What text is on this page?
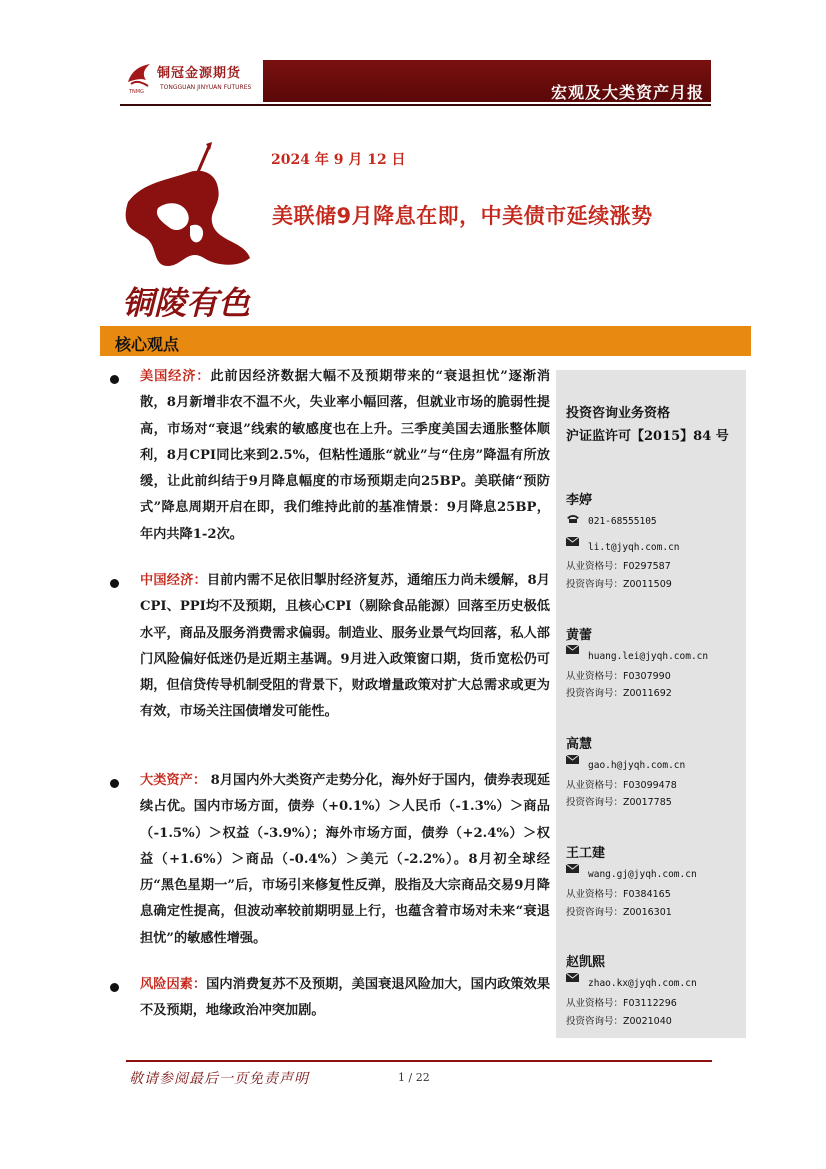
宏观及大类资产月报
铜冠金源期货
TONGGUAN JINYUAN FUTURES
TNMG
铜陵有色
2024 年 9 月 12 日
美联储9月降息在即，中美债市延续涨势
核心观点
美国经济：此前因经济数据大幅不及预期带来的“衰退担忧”逐渐消散，8月新增非农不温不火，失业率小幅回落，但就业市场的脆弱性提高，市场对“衰退”线索的敏感度也在上升。三季度美国去通胀整体顺利，8月CPI同比来到2.5%，但粘性通胀“就业”与“住房”降温有所放缓，让此前纠结于9月降息幅度的市场预期走向25BP。美联储“预防式”降息周期开启在即，我们维持此前的基准情景：9月降息25BP，年内共降1-2次。
中国经济：目前内需不足依旧掣肘经济复苏，通缩压力尚未缓解，8月CPI、PPI均不及预期，且核心CPI（剔除食品能源）回落至历史极低水平，商品及服务消费需求偏弱。制造业、服务业景气均回落，私人部门风险偏好低迷仍是近期主基调。9月进入政策窗口期，货币宽松仍可期，但信贷传导机制受阻的背景下，财政增量政策对扩大总需求或更为有效，市场关注国债增发可能性。
大类资产： 8月国内外大类资产走势分化，海外好于国内，债券表现延续占优。国内市场方面，债券（+0.1%）＞人民币（-1.3%）＞商品（-1.5%）＞权益（-3.9%）；海外市场方面，债券（+2.4%）＞权益（+1.6%）＞商品（-0.4%）＞美元（-2.2%）。8月初全球经历“黑色星期一”后，市场引来修复性反弹，股指及大宗商品交易9月降息确定性提高，但波动率较前期明显上行，也蕴含着市场对未来“衰退担忧”的敏感性增强。
风险因素：国内消费复苏不及预期，美国衰退风险加大，国内政策效果不及预期，地缘政治冲突加剧。
投资咨询业务资格
沪证监许可【2015】84 号
李婷
021-68555105
li.t@jyqh.com.cn
从业资格号：F0297587
投资咨询号：Z0011509
黄蕾
huang.lei@jyqh.com.cn
从业资格号：F0307990
投资咨询号：Z0011692
高慧
gao.h@jyqh.com.cn
从业资格号：F03099478
投资咨询号：Z0017785
王工建
wang.gj@jyqh.com.cn
从业资格号：F0384165
投资咨询号：Z0016301
赵凯熙
zhao.kx@jyqh.com.cn
从业资格号：F03112296
投资咨询号：Z0021040
敬请参阅最后一页免责声明	1 / 22
